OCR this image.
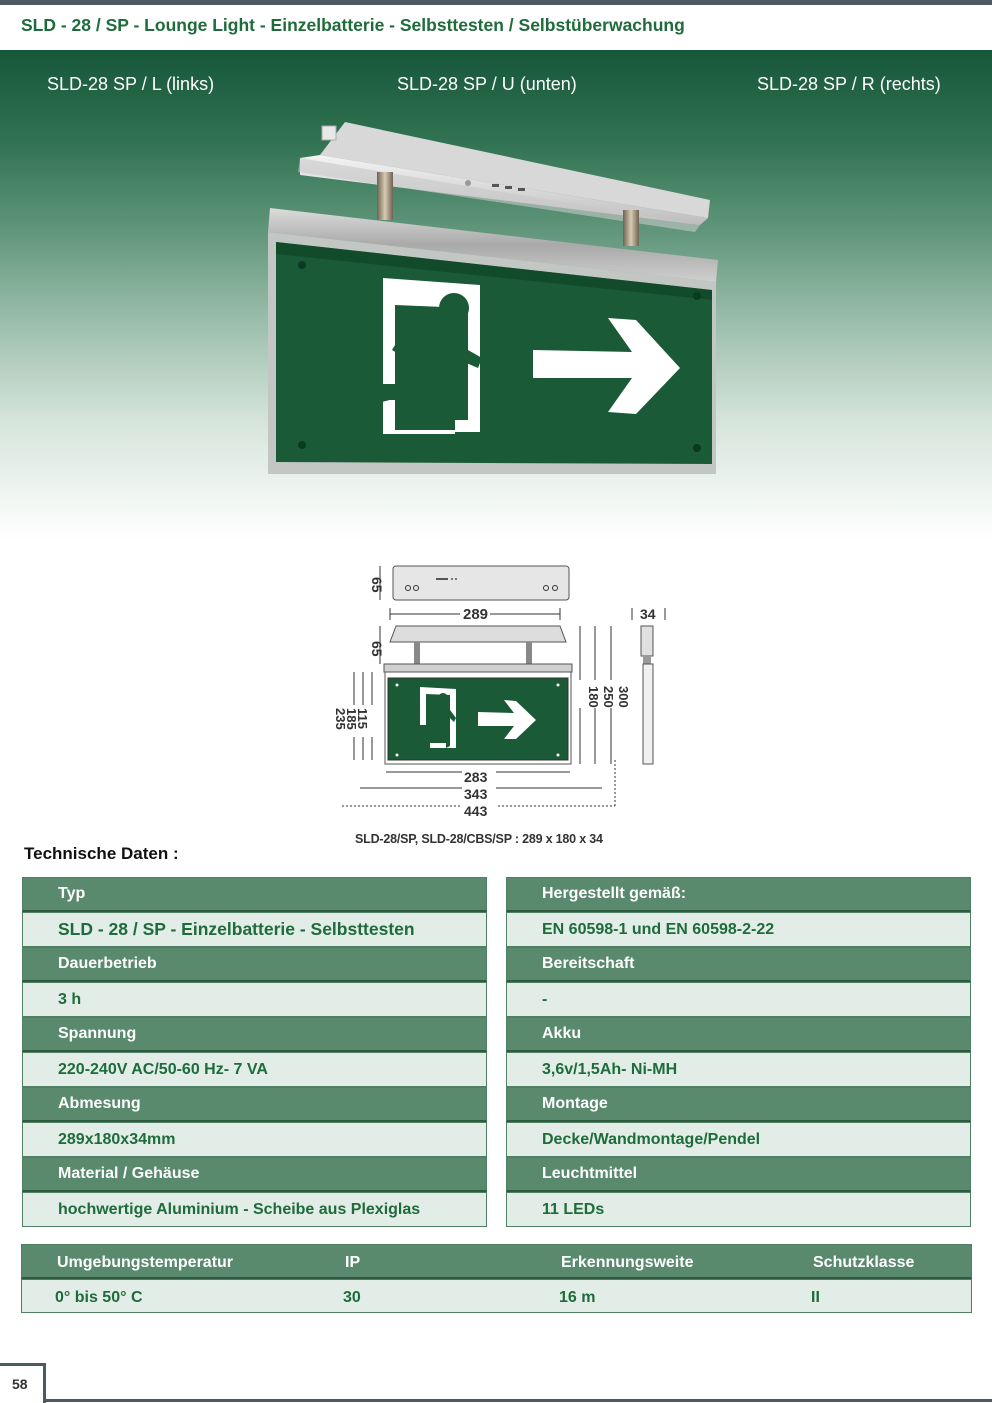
SLD - 28 / SP - Lounge Light - Einzelbatterie - Selbsttesten / Selbstüberwachung
SLD-28 SP / L (links)	SLD-28 SP / U (unten)	SLD-28 SP / R (rechts)
65
289	34
65
235
185
115
180 250 300
283
343
443
SLD-28/SP, SLD-28/CBS/SP : 289 x 180 x 34
Technische Daten :
Typ
SLD - 28 / SP - Einzelbatterie - Selbsttesten
Dauerbetrieb
3 h
Spannung
220-240V AC/50-60 Hz- 7 VA
Abmesung
289x180x34mm
Material / Gehäuse
hochwertige Aluminium - Scheibe aus Plexiglas
Hergestellt gemäß:
EN 60598-1 und EN 60598-2-22
Bereitschaft
-
Akku
3,6v/1,5Ah- Ni-MH
Montage
Decke/Wandmontage/Pendel
Leuchtmittel
11 LEDs
Umgebungstemperatur	IP	Erkennungsweite	Schutzklasse
0° bis 50° C	30	16 m	II
58
